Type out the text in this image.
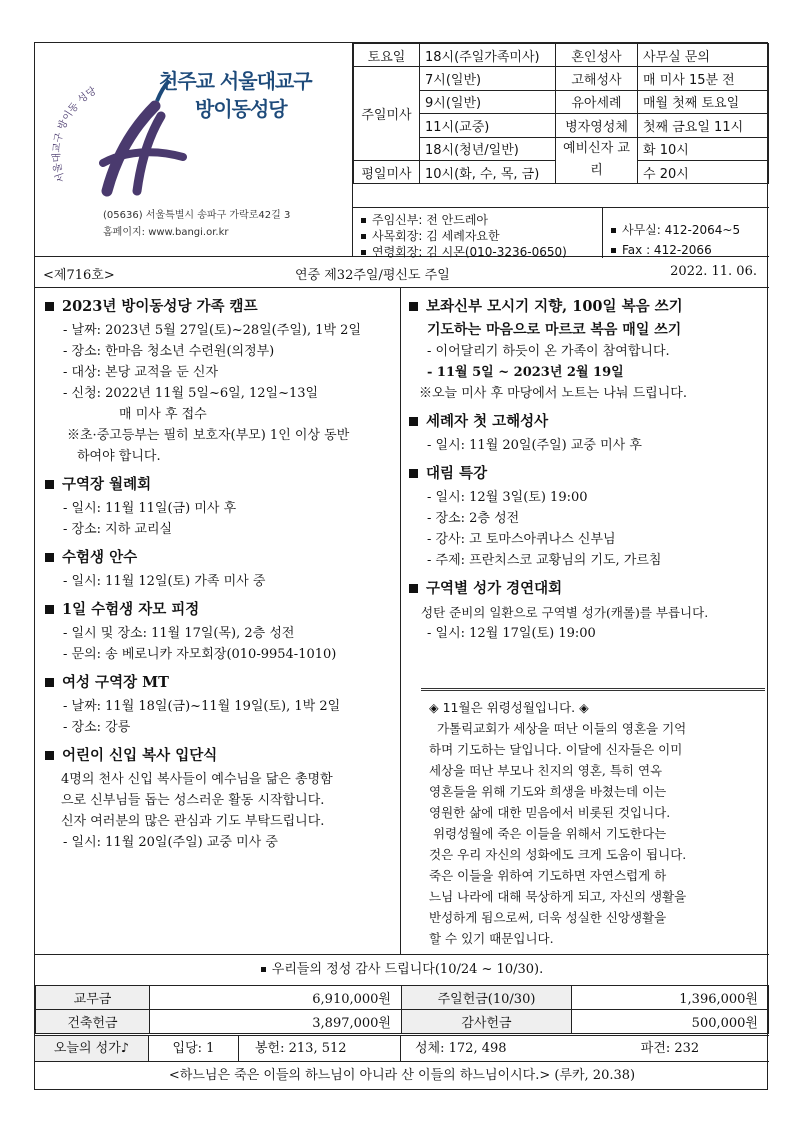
서울대교구 방이동 성당	천주교 서울대교구
방이동성당
(05636) 서울특별시 송파구 가락로42길 3
홈페이지: www.bangi.or.kr
토요일	18시(주일가족미사)	혼인성사	사무실 문의
주일미사	7시(일반)	고해성사	매 미사 15분 전
	9시(일반)	유아세례	매월 첫째 토요일
	11시(교중)	병자영성체	첫째 금요일 11시
	18시(청년/일반)	예비신자 교리	화 10시
평일미사	10시(화, 수, 목, 금)		수 20시
주임신부: 전 안드레아
사목회장: 김 세례자요한
연령회장: 김 시몬(010-3236-0650)
사무실: 412-2064~5
Fax : 412-2066
<제716호>	연중 제32주일/평신도 주일	2022. 11. 06.
2023년 방이동성당 가족 캠프

- 날짜: 2023년 5월 27일(토)~28일(주일), 1박 2일

- 장소: 한마음 청소년 수련원(의정부)

- 대상: 본당 교적을 둔 신자

- 신청: 2022년 11월 5일~6일, 12일~13일

매 미사 후 접수

※초·중고등부는 필히 보호자(부모) 1인 이상 동반

하여야 합니다.

구역장 월례회

- 일시: 11월 11일(금) 미사 후

- 장소: 지하 교리실

수험생 안수

- 일시: 11월 12일(토) 가족 미사 중

1일 수험생 자모 피정

- 일시 및 장소: 11월 17일(목), 2층 성전

- 문의: 송 베로니카 자모회장(010-9954-1010)

여성 구역장 MT

- 날짜: 11월 18일(금)~11월 19일(토), 1박 2일

- 장소: 강릉

어린이 신입 복사 입단식

4명의 천사 신입 복사들이 예수님을 닮은 총명함

으로 신부님들 돕는 성스러운 활동 시작합니다.

신자 여러분의 많은 관심과 기도 부탁드립니다.

- 일시: 11월 20일(주일) 교중 미사 중

보좌신부 모시기 지향, 100일 복음 쓰기

기도하는 마음으로 마르코 복음 매일 쓰기

- 이어달리기 하듯이 온 가족이 참여합니다.

- 11월 5일 ~ 2023년 2월 19일

※오늘 미사 후 마당에서 노트는 나눠 드립니다.

세례자 첫 고해성사

- 일시: 11월 20일(주일) 교중 미사 후

대림 특강

- 일시: 12월 3일(토) 19:00

- 장소: 2층 성전

- 강사: 고 토마스아퀴나스 신부님

- 주제: 프란치스코 교황님의 기도, 가르침

구역별 성가 경연대회

성탄 준비의 일환으로 구역별 성가(캐롤)를 부릅니다.

- 일시: 12월 17일(토) 19:00

◈ 11월은 위령성월입니다. ◈
가톨릭교회가 세상을 떠난 이들의 영혼을 기억
하며 기도하는 달입니다. 이달에 신자들은 이미
세상을 떠난 부모나 친지의 영혼, 특히 연옥
영혼들을 위해 기도와 희생을 바쳤는데 이는
영원한 삶에 대한 믿음에서 비롯된 것입니다.
위령성월에 죽은 이들을 위해서 기도한다는
것은 우리 자신의 성화에도 크게 도움이 됩니다.
죽은 이들을 위하여 기도하면 자연스럽게 하
느님 나라에 대해 묵상하게 되고, 자신의 생활을
반성하게 됨으로써, 더욱 성실한 신앙생활을
할 수 있기 때문입니다.
우리들의 정성 감사 드립니다(10/24 ~ 10/30).
교무금	6,910,000원	주일헌금(10/30)	1,396,000원
건축헌금	3,897,000원	감사헌금	500,000원
오늘의 성가♪	입당: 1	봉헌: 213, 512	성체: 172, 498	파견: 232
<하느님은 죽은 이들의 하느님이 아니라 산 이들의 하느님이시다.> (루카, 20.38)
